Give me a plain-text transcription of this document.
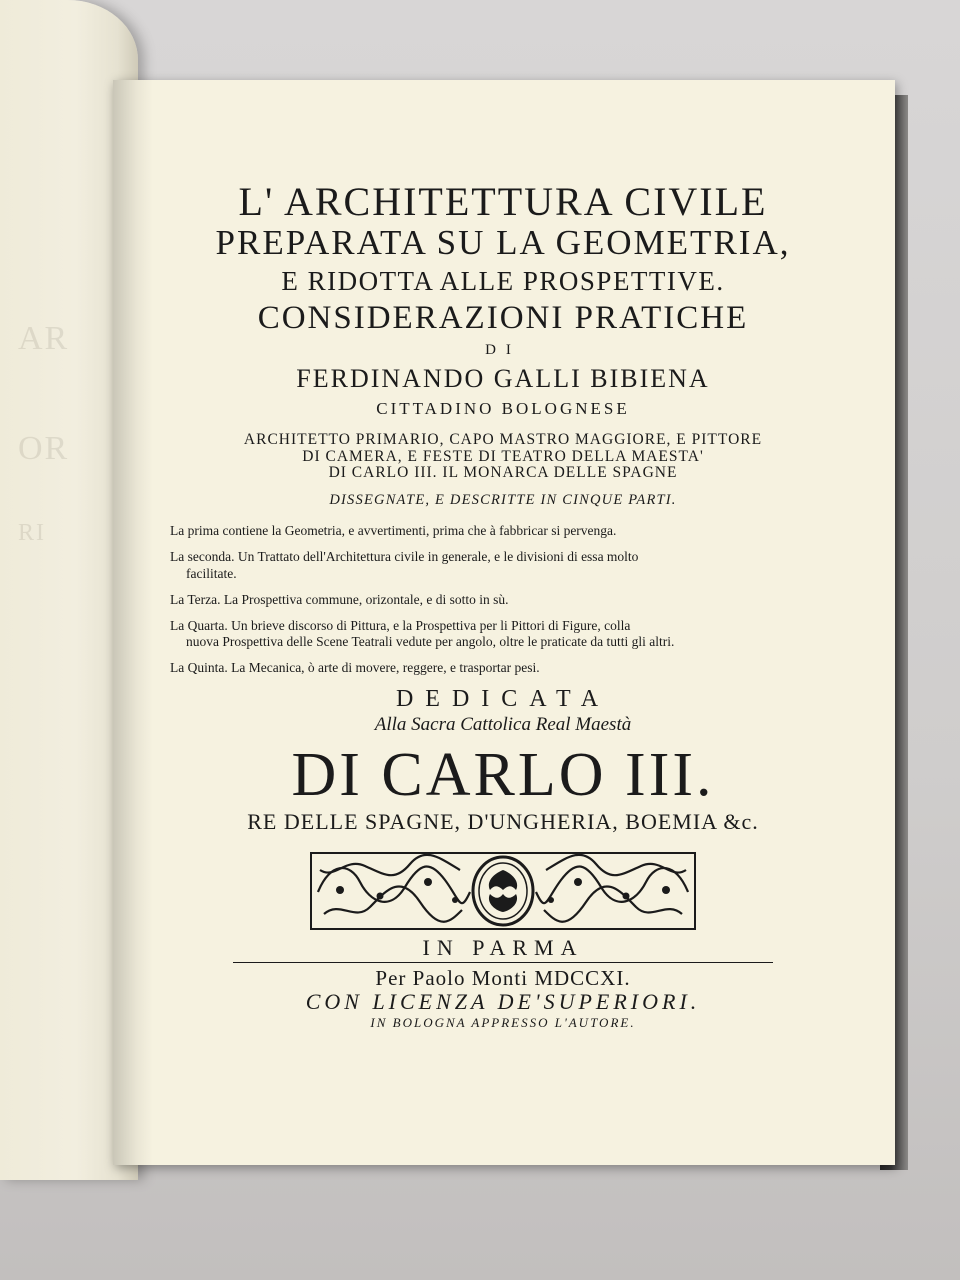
AR
OR
RI
L' ARCHITETTURA CIVILE
PREPARATA SU LA GEOMETRIA,
E RIDOTTA ALLE PROSPETTIVE.
CONSIDERAZIONI PRATICHE
DI
FERDINANDO GALLI BIBIENA
CITTADINO BOLOGNESE
ARCHITETTO PRIMARIO, CAPO MASTRO MAGGIORE, E PITTORE
DI CAMERA, E FESTE DI TEATRO DELLA MAESTA'
DI CARLO III. IL MONARCA DELLE SPAGNE
DISSEGNATE, E DESCRITTE IN CINQUE PARTI.
La prima contiene la Geometria, e avvertimenti, prima che à fabbricar si pervenga.
La seconda. Un Trattato dell'Architettura civile in generale, e le divisioni di essa molto
facilitate.
La Terza. La Prospettiva commune, orizontale, e di sotto in sù.
La Quarta. Un brieve discorso di Pittura, e la Prospettiva per li Pittori di Figure, colla
nuova Prospettiva delle Scene Teatrali vedute per angolo, oltre le praticate da tutti gli altri.
La Quinta. La Mecanica, ò arte di movere, reggere, e trasportar pesi.
DEDICATA
Alla Sacra Cattolica Real Maestà
DI CARLO III.
RE DELLE SPAGNE, D'UNGHERIA, BOEMIA &c.
IN PARMA
Per Paolo Monti MDCCXI.
CON LICENZA DE'SUPERIORI.
IN BOLOGNA APPRESSO L'AUTORE.
